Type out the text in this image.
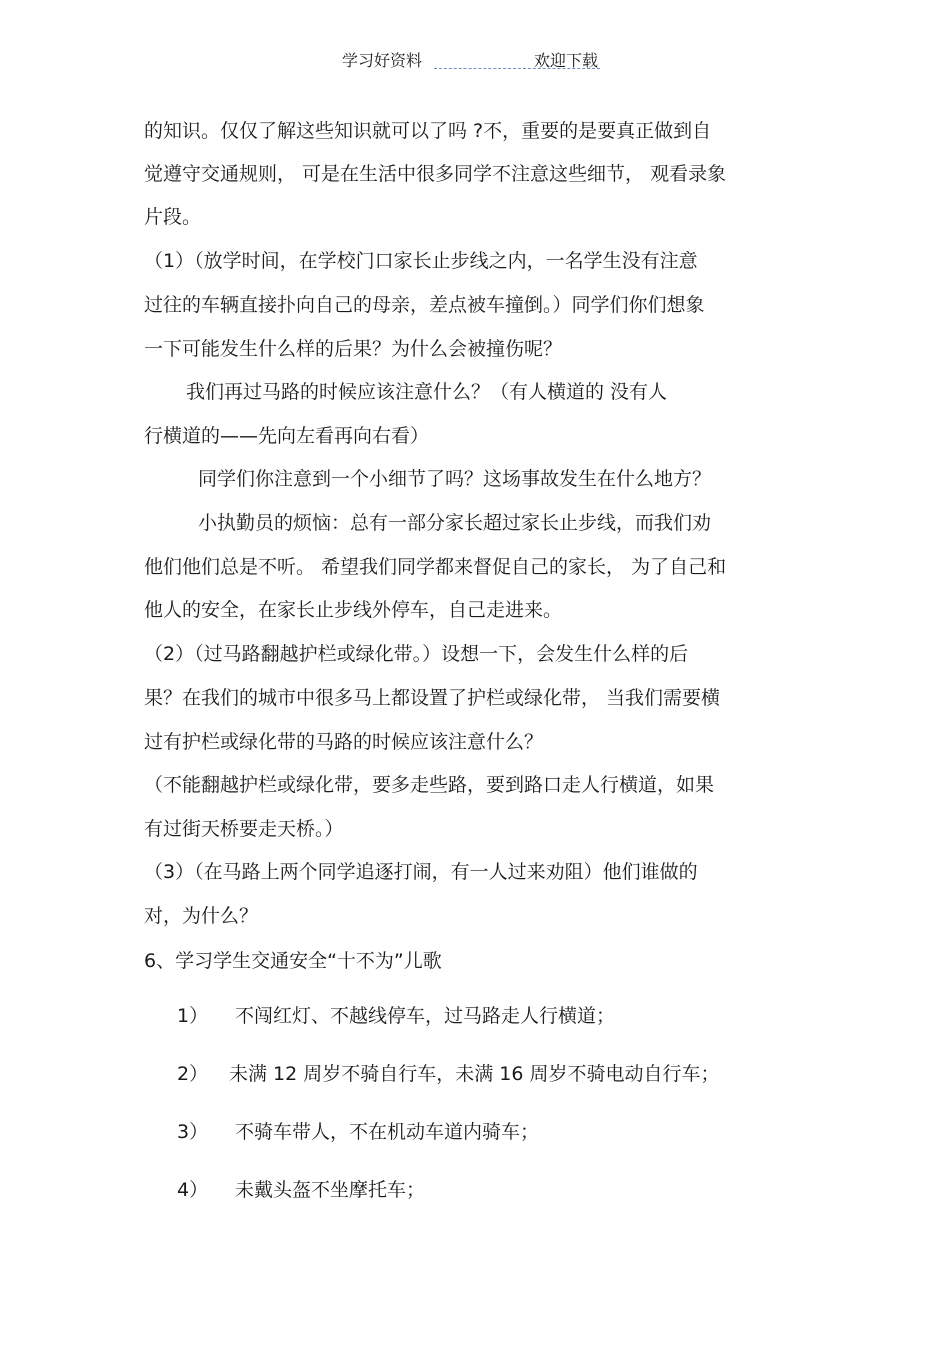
学习好资料	欢迎下载
的知识。仅仅了解这些知识就可以了吗 ?不，重要的是要真正做到自
觉遵守交通规则， 可是在生活中很多同学不注意这些细节， 观看录象
片段。
（1）（放学时间，在学校门口家长止步线之内，一名学生没有注意
过往的车辆直接扑向自己的母亲，差点被车撞倒。）同学们你们想象
一下可能发生什么样的后果？为什么会被撞伤呢？
我们再过马路的时候应该注意什么？（有人横道的 没有人
行横道的——先向左看再向右看）
同学们你注意到一个小细节了吗？这场事故发生在什么地方？
小执勤员的烦恼：总有一部分家长超过家长止步线，而我们劝
他们他们总是不听。 希望我们同学都来督促自己的家长， 为了自己和
他人的安全，在家长止步线外停车，自己走进来。
（2）（过马路翻越护栏或绿化带。）设想一下，会发生什么样的后
果？在我们的城市中很多马上都设置了护栏或绿化带， 当我们需要横
过有护栏或绿化带的马路的时候应该注意什么？
（不能翻越护栏或绿化带，要多走些路，要到路口走人行横道，如果
有过街天桥要走天桥。）
（3）（在马路上两个同学追逐打闹，有一人过来劝阻）他们谁做的
对，为什么？
6、学习学生交通安全“十不为”儿歌
1） 不闯红灯、不越线停车，过马路走人行横道；
2） 未满 12 周岁不骑自行车，未满 16 周岁不骑电动自行车；
3） 不骑车带人，不在机动车道内骑车；
4） 未戴头盔不坐摩托车；
